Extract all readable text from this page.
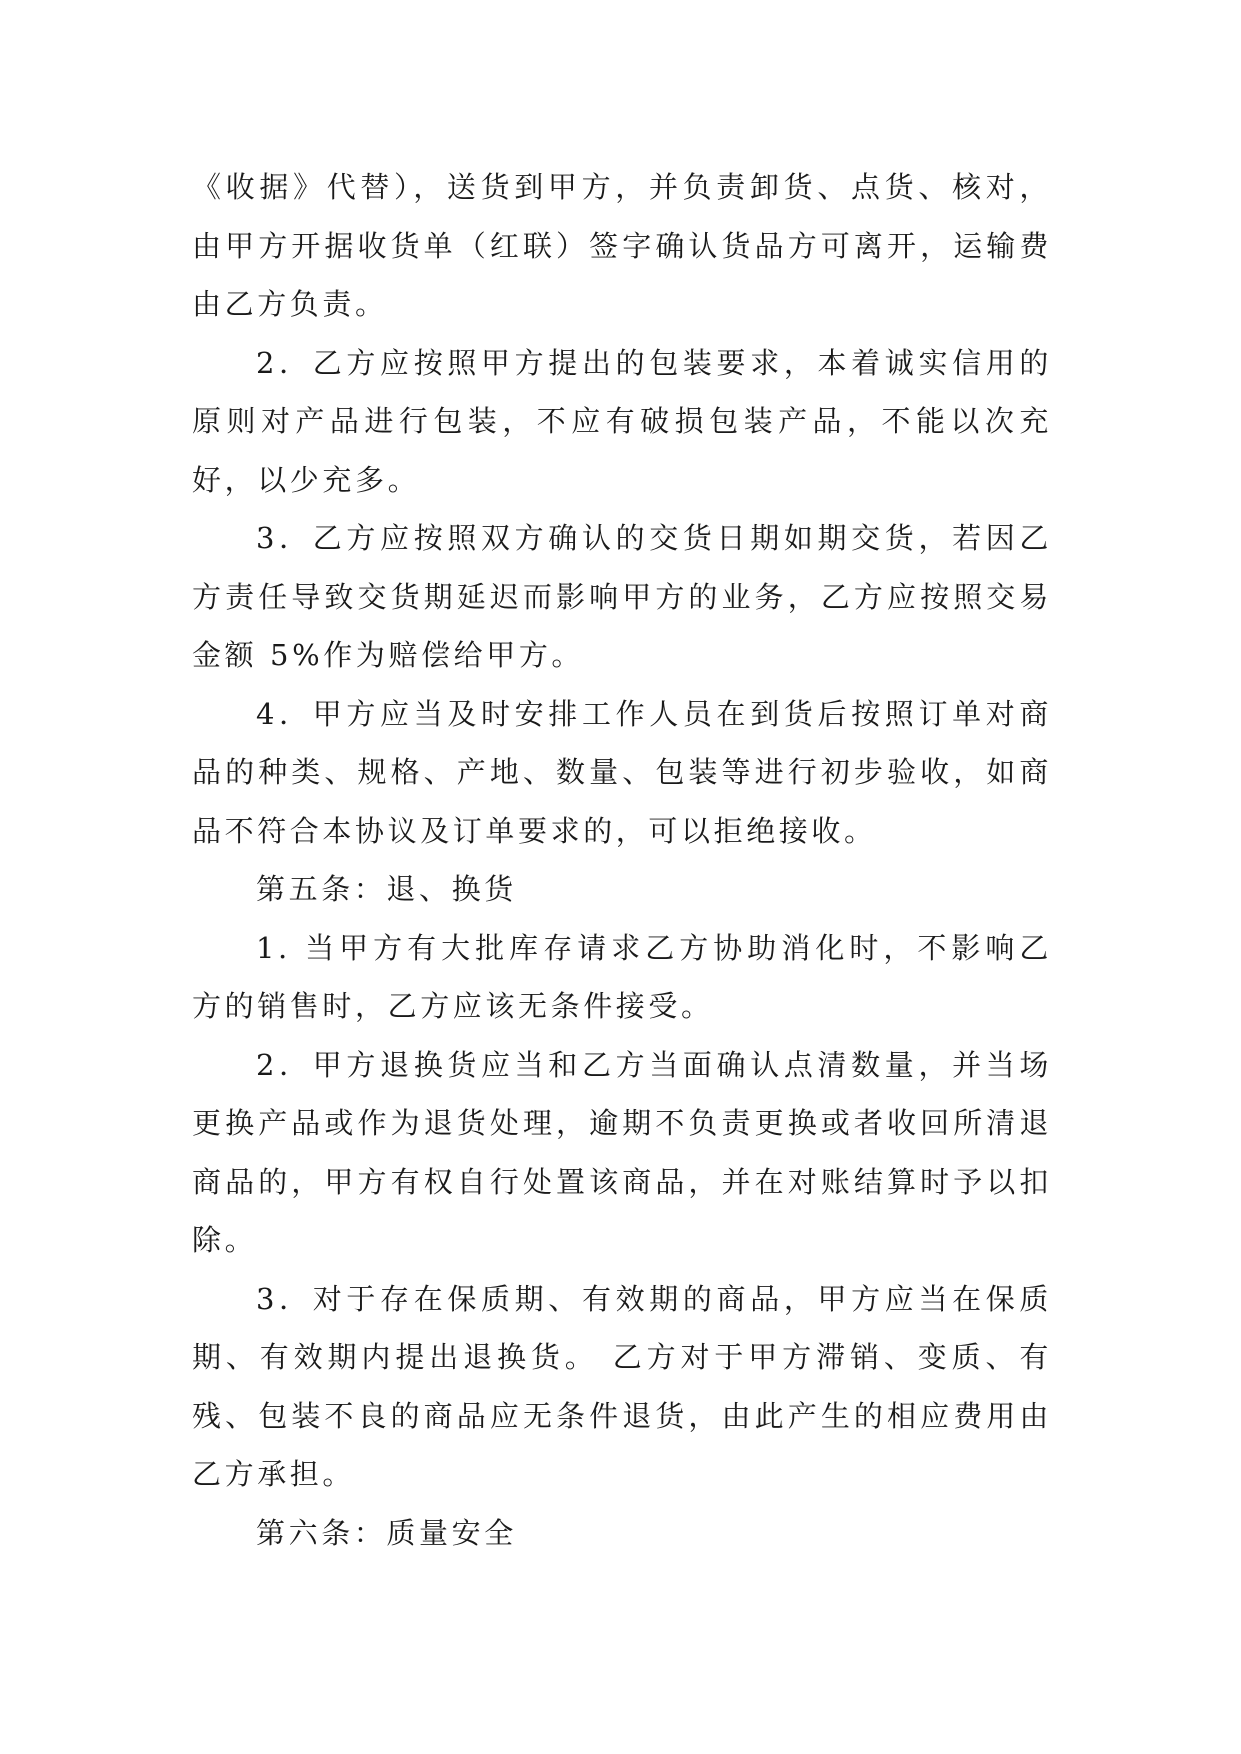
《收据》代替），送货到甲方，并负责卸货、点货、核对，由甲方开据收货单（红联）签字确认货品方可离开，运输费由乙方负责。

2．乙方应按照甲方提出的包装要求，本着诚实信用的原则对产品进行包装，不应有破损包装产品，不能以次充好，以少充多。

3．乙方应按照双方确认的交货日期如期交货，若因乙方责任导致交货期延迟而影响甲方的业务，乙方应按照交易金额 5%作为赔偿给甲方。

4．甲方应当及时安排工作人员在到货后按照订单对商品的种类、规格、产地、数量、包装等进行初步验收，如商品不符合本协议及订单要求的，可以拒绝接收。

第五条：退、换货

1. 当甲方有大批库存请求乙方协助消化时，不影响乙方的销售时，乙方应该无条件接受。

2．甲方退换货应当和乙方当面确认点清数量，并当场更换产品或作为退货处理，逾期不负责更换或者收回所清退商品的，甲方有权自行处置该商品，并在对账结算时予以扣除。

3．对于存在保质期、有效期的商品，甲方应当在保质期、有效期内提出退换货。 乙方对于甲方滞销、变质、有残、包装不良的商品应无条件退货，由此产生的相应费用由乙方承担。

第六条：质量安全
